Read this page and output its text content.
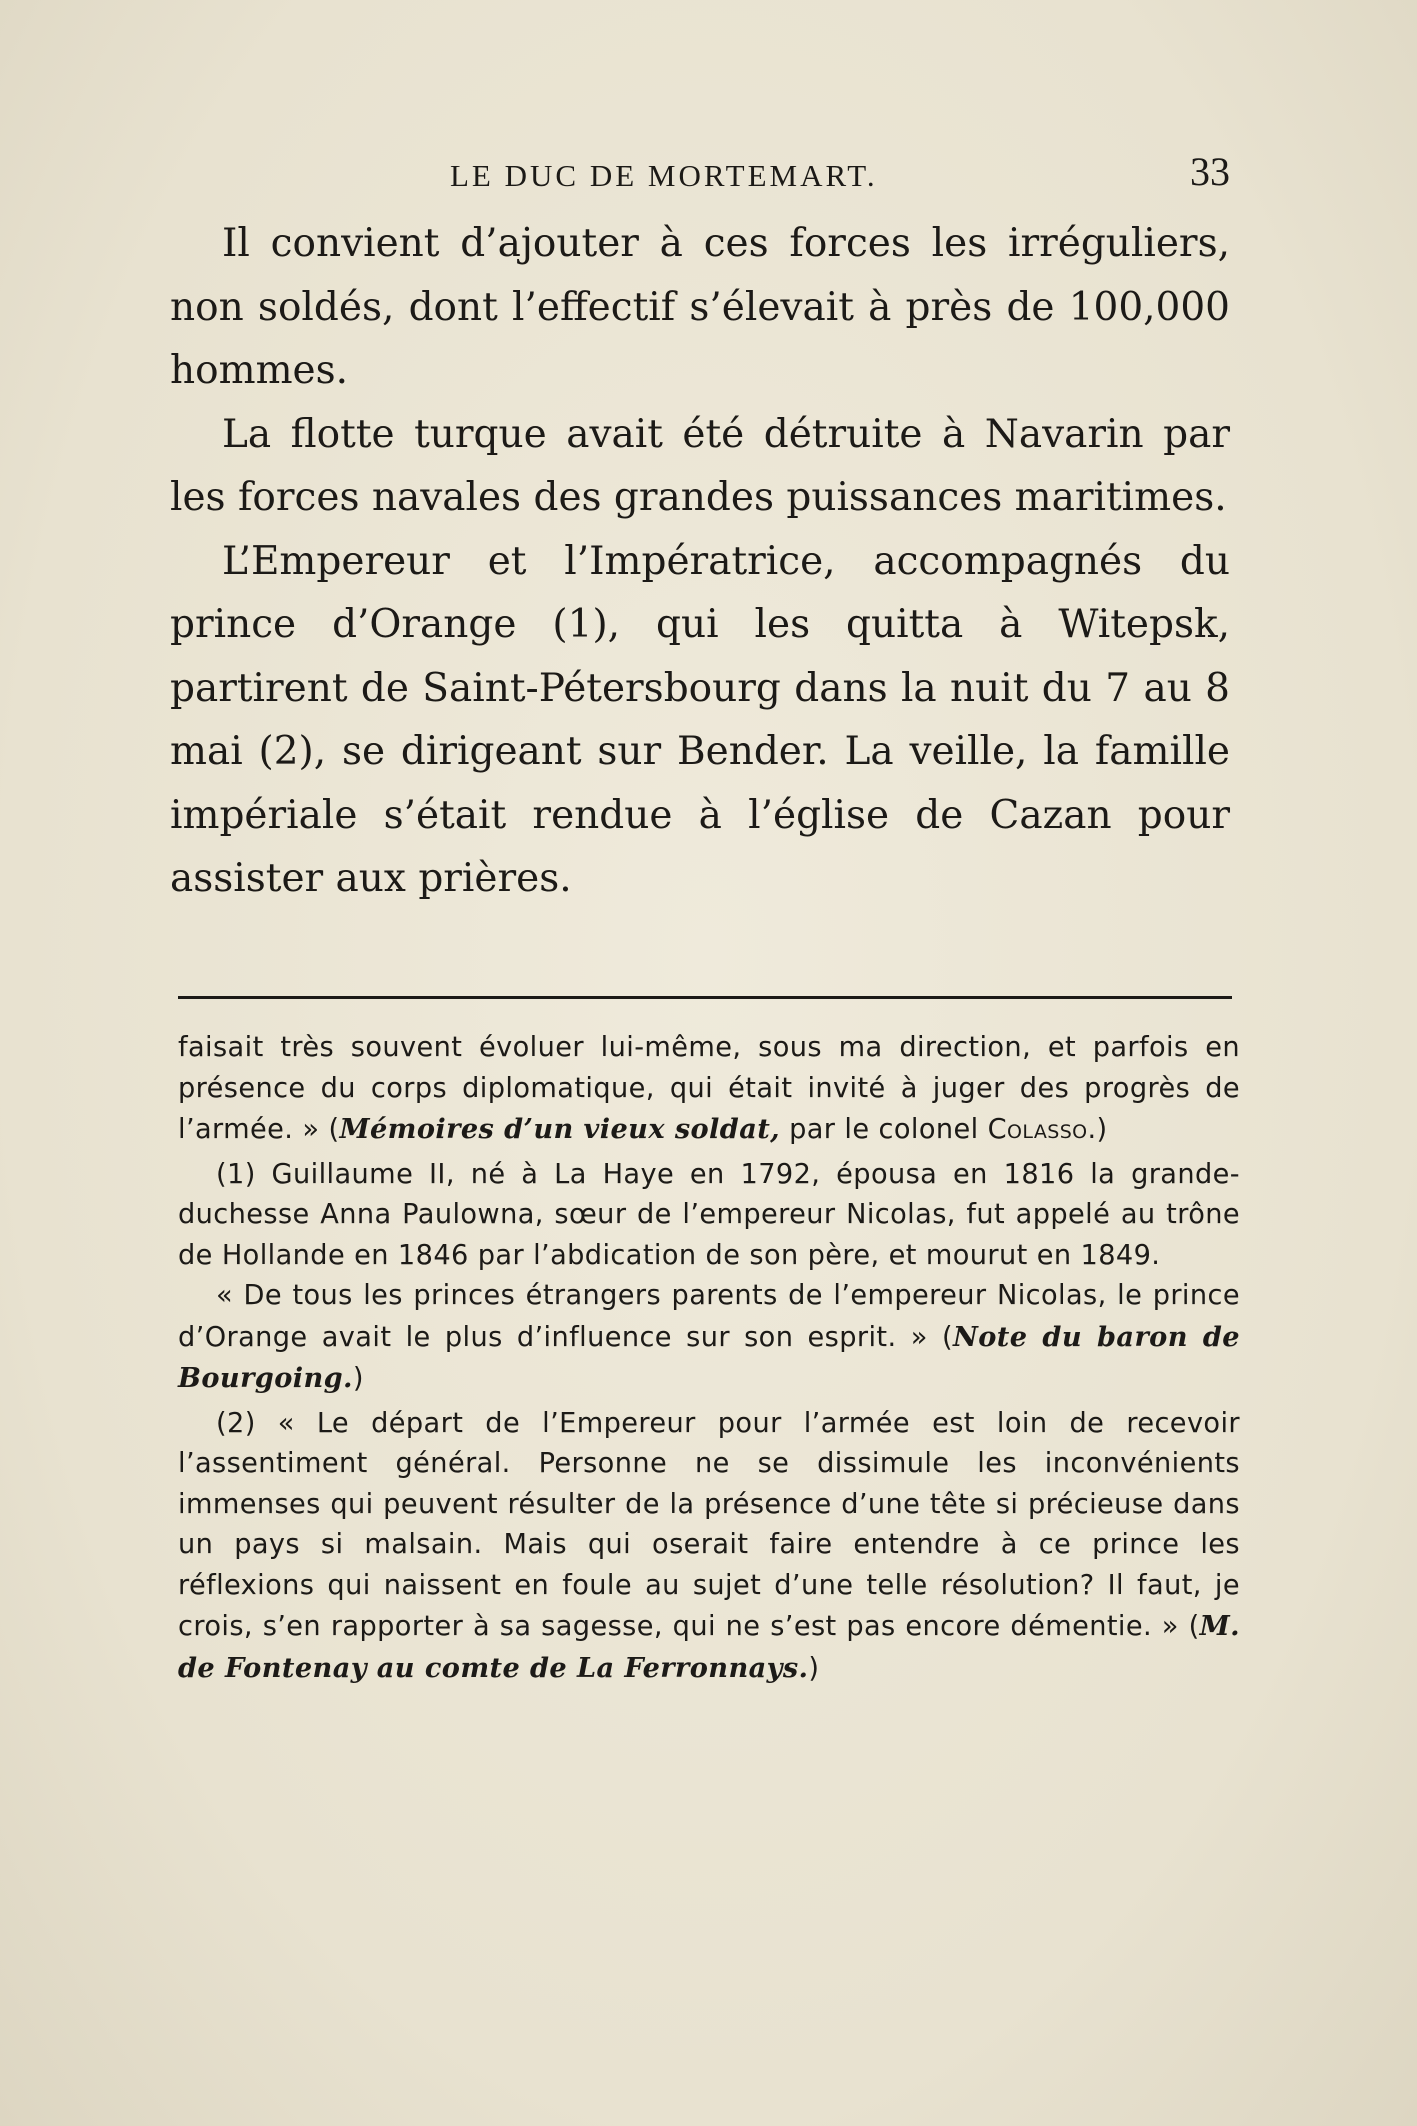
LE DUC DE MORTEMART.	33

Il convient d’ajouter à ces forces les irréguliers, non soldés, dont l’effectif s’élevait à près de 100,000 hommes.

La flotte turque avait été détruite à Navarin par les forces navales des grandes puissances maritimes.

L’Empereur et l’Impératrice, accompagnés du prince d’Orange (1), qui les quitta à Witepsk, partirent de Saint-Pétersbourg dans la nuit du 7 au 8 mai (2), se dirigeant sur Bender. La veille, la famille impériale s’était rendue à l’église de Cazan pour assister aux prières.

faisait très souvent évoluer lui-même, sous ma direction, et parfois en présence du corps diplomatique, qui était invité à juger des progrès de l’armée. » (Mémoires d’un vieux soldat, par le colonel Colasso.)

(1) Guillaume II, né à La Haye en 1792, épousa en 1816 la grande-duchesse Anna Paulowna, sœur de l’empereur Nicolas, fut appelé au trône de Hollande en 1846 par l’abdication de son père, et mourut en 1849.

« De tous les princes étrangers parents de l’empereur Nicolas, le prince d’Orange avait le plus d’influence sur son esprit. » (Note du baron de Bourgoing.)

(2) « Le départ de l’Empereur pour l’armée est loin de recevoir l’assentiment général. Personne ne se dissimule les inconvénients immenses qui peuvent résulter de la présence d’une tête si précieuse dans un pays si malsain. Mais qui oserait faire entendre à ce prince les réflexions qui naissent en foule au sujet d’une telle résolution? Il faut, je crois, s’en rapporter à sa sagesse, qui ne s’est pas encore démentie. » (M. de Fontenay au comte de La Ferronnays.)
